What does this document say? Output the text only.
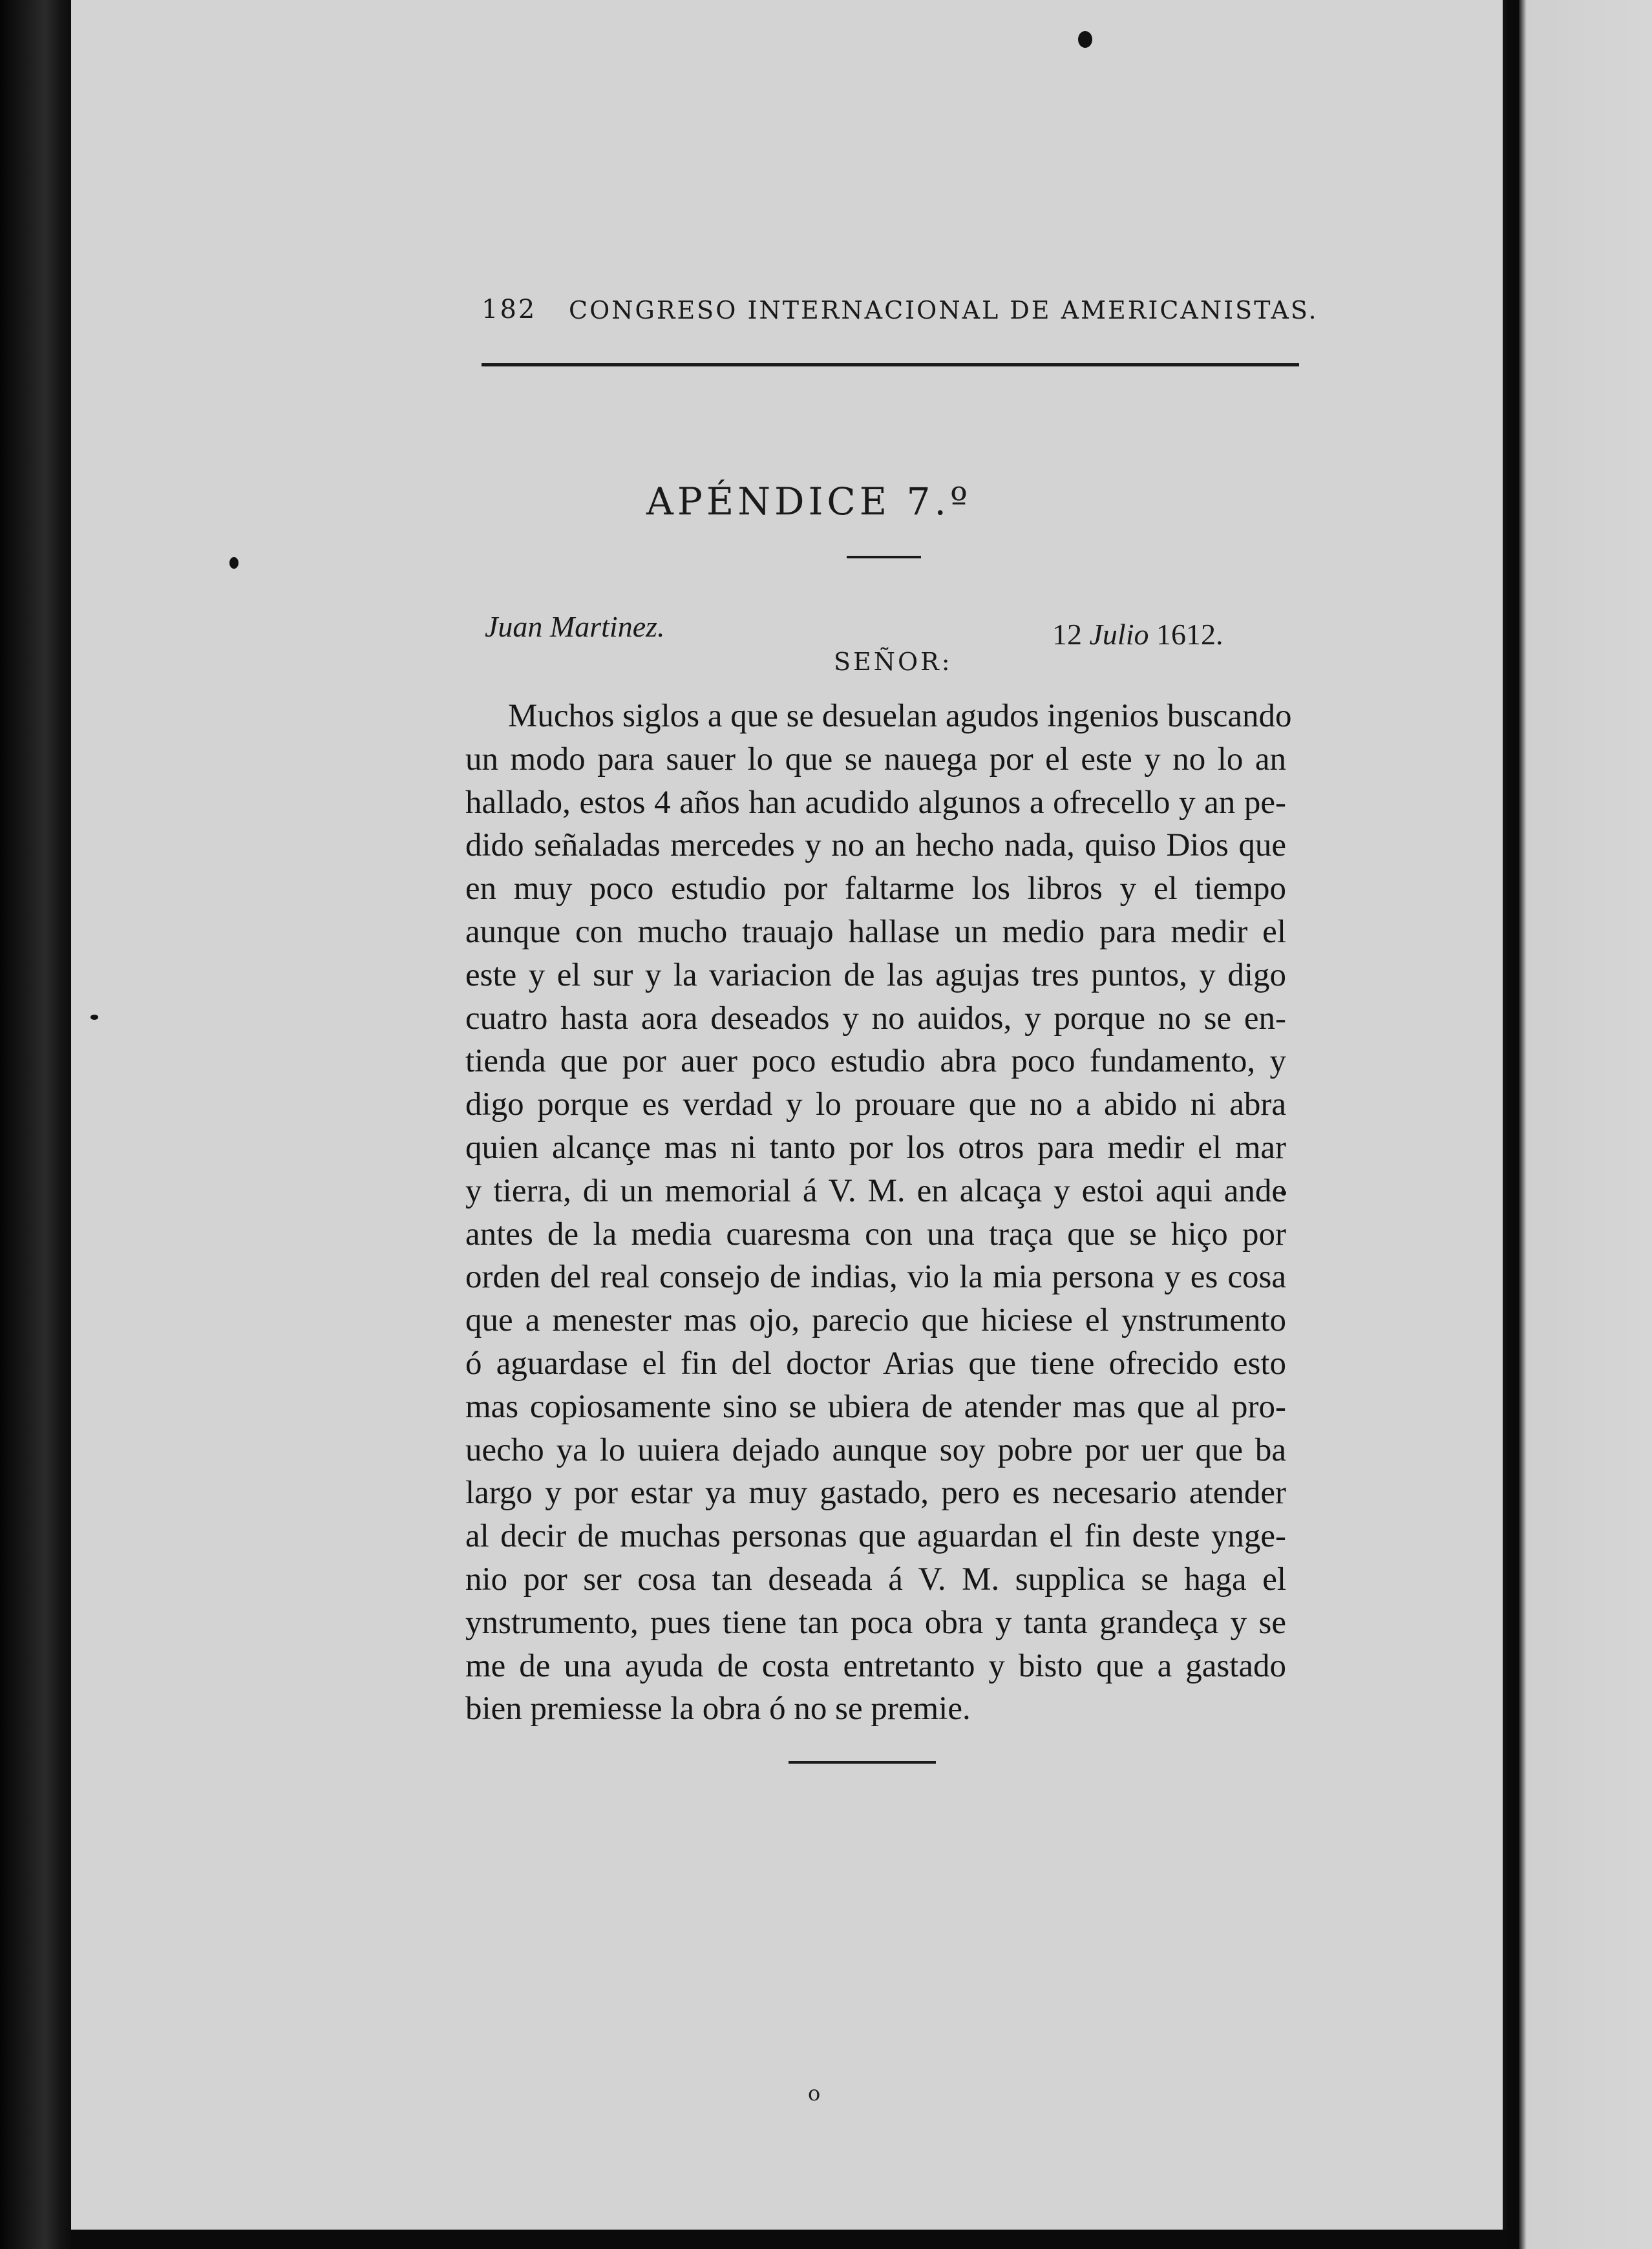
182 CONGRESO INTERNACIONAL DE AMERICANISTAS.
APÉNDICE 7.º
Juan Martinez.	12 Julio 1612.
SEÑOR:
Muchos siglos a que se desuelan agudos ingenios buscando
un modo para sauer lo que se nauega por el este y no lo an
hallado, estos 4 años han acudido algunos a ofrecello y an pe-
dido señaladas mercedes y no an hecho nada, quiso Dios que
en muy poco estudio por faltarme los libros y el tiempo
aunque con mucho trauajo hallase un medio para medir el
este y el sur y la variacion de las agujas tres puntos, y digo
cuatro hasta aora deseados y no auidos, y porque no se en-
tienda que por auer poco estudio abra poco fundamento, y
digo porque es verdad y lo prouare que no a abido ni abra
quien alcançe mas ni tanto por los otros para medir el mar
y tierra, di un memorial á V. M. en alcaça y estoi aqui ande
antes de la media cuaresma con una traça que se hiço por
orden del real consejo de indias, vio la mia persona y es cosa
que a menester mas ojo, parecio que hiciese el ynstrumento
ó aguardase el fin del doctor Arias que tiene ofrecido esto
mas copiosamente sino se ubiera de atender mas que al pro-
uecho ya lo uuiera dejado aunque soy pobre por uer que ba
largo y por estar ya muy gastado, pero es necesario atender
al decir de muchas personas que aguardan el fin deste ynge-
nio por ser cosa tan deseada á V. M. supplica se haga el
ynstrumento, pues tiene tan poca obra y tanta grandeça y se
me de una ayuda de costa entretanto y bisto que a gastado
bien premiesse la obra ó no se premie.
o
